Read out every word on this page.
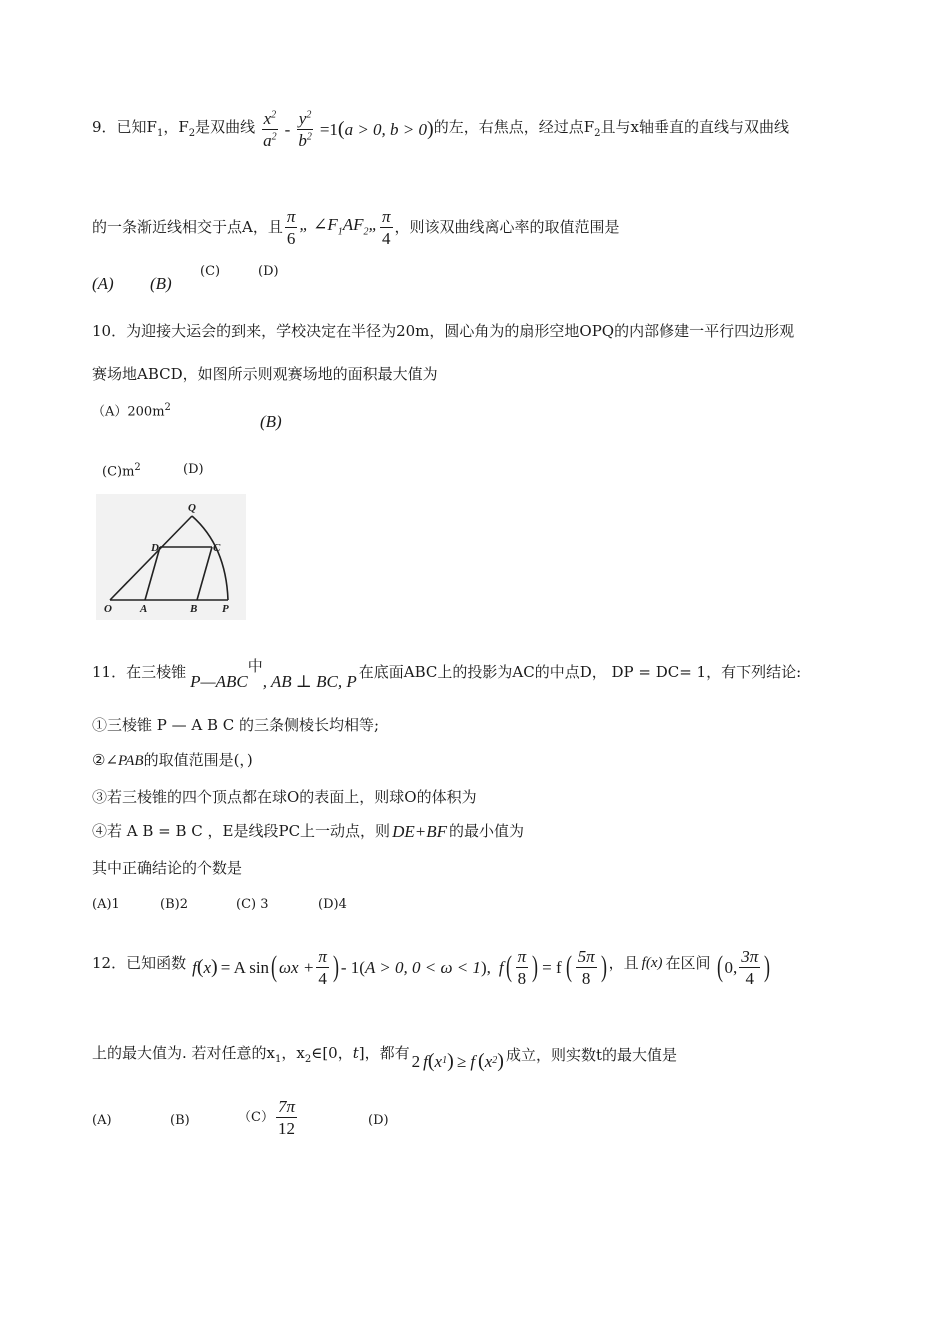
9．已知$F_1$，$F_2$是双曲线 $\frac{x^2}{a^2} - \frac{y^2}{b^2} =1$ ( a > 0, b > 0 ) 的左，右焦点，经过点$F_2$且与x轴垂直的直线与双曲线
的一条渐近线相交于点A，且 $\frac{\pi}{6}$ „ $\angle F_1AF_2„ \frac{\pi}{4}$ ，则该双曲线离心率的取值范围是
(A) (B)
(C)	(D)
10．为迎接大运会的到来，学校决定在半径为20m，圆心角为的扇形空地OPQ的内部修建一平行四边形观
赛场地ABCD，如图所示则观赛场地的面积最大值为
$(A)200m^2$
(B)
$(C)m^2$	(D)
Q
D	C
O	A	B P
11．在三棱锥 P—ABC
中
, AB ⊥ BC, P 在底面ABC上的投影为AC的中点D， DP = DC= 1，有下列结论:
①三棱锥 P — A B C 的三条侧棱长均相等;
②∠PAB的取值范围是(，)
③若三棱锥的四个顶点都在球O的表面上，则球O的体积为
④若 A B = B C ，E是线段PC上一动点，则 DE+BF 的最小值为
其中正确结论的个数是
(A)1	(B)2	(C) 3	(D)4
12．已知函数 f ( x ) = A sin ( $\omega x + \frac{\pi}{4}$ ) - 1( A > 0, 0 < ω < 1 ) , f ( $\frac{\pi}{8}$ ) = f ( $\frac{5\pi}{8}$ ) ，且 f(x) 在区间 ( 0, $\frac{3\pi}{4}$ )
上的最大值为. 若对任意的$x_1$，$x_2\in[0$，t]，都有 2 f ( x 1 ) ≥ f ( x 2 ) 成立，则实数t的最大值是
(A)	(B)	$(C) \frac{7\pi}{12}$	(D)
